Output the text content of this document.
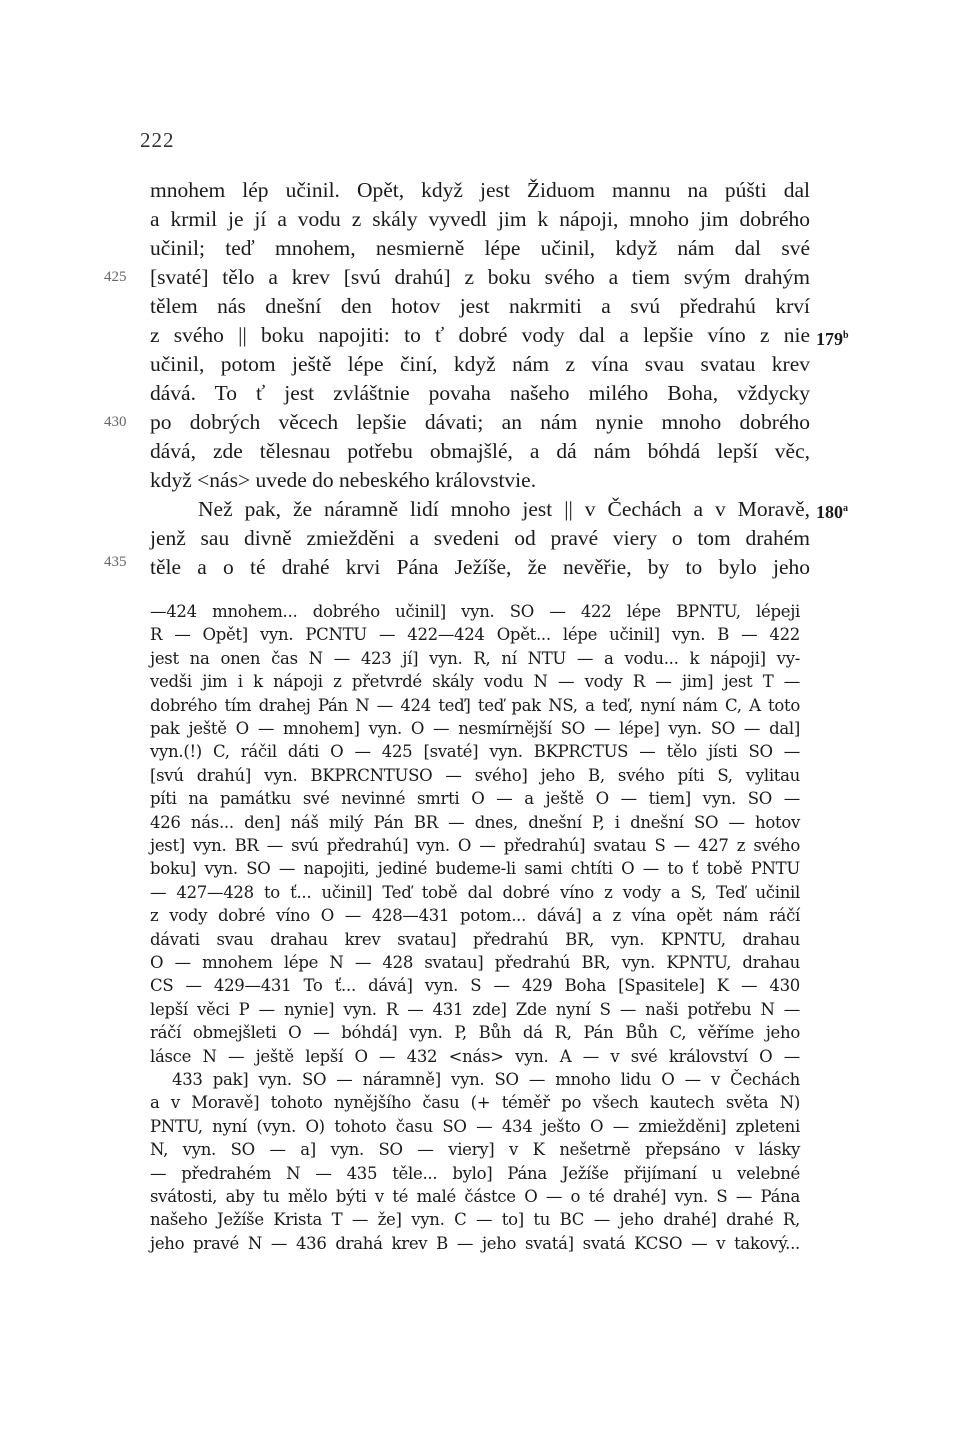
222
425
430
435
179$^b$
180$^a$
mnohem lép učinil. Opět, když jest Židuom mannu na púšti dal
a krmil je jí a vodu z skály vyvedl jim k nápoji, mnoho jim dobrého
učinil; teď mnohem, nesmierně lépe učinil, když nám dal své
[svaté] tělo a krev [svú drahú] z boku svého a tiem svým drahým
tělem nás dnešní den hotov jest nakrmiti a svú předrahú krví
z svého || boku napojiti: to ť dobré vody dal a lepšie víno z nie
učinil, potom ještě lépe činí, když nám z vína svau svatau krev
dává. To ť jest zvláštnie povaha našeho milého Boha, vždycky
po dobrých věcech lepšie dávati; an nám nynie mnoho dobrého
dává, zde tělesnau potřebu obmajšlé, a dá nám bóhdá lepší věc,
když <nás> uvede do nebeského královstvie.
Než pak, že náramně lidí mnoho jest || v Čechách a v Moravě,
jenž sau divně zmiežděni a svedeni od pravé viery o tom drahém
těle a o té drahé krvi Pána Ježíše, že nevěřie, by to bylo jeho
—424 mnohem... dobrého učinil] vyn. SO — 422 lépe BPNTU, lépeji
R — Opět] vyn. PCNTU — 422—424 Opět... lépe učinil] vyn. B — 422
jest na onen čas N — 423 jí] vyn. R, ní NTU — a vodu... k nápoji] vy-
vedši jim i k nápoji z přetvrdé skály vodu N — vody R — jim] jest T —
dobrého tím drahej Pán N — 424 teď] teď pak NS, a teď, nyní nám C, A toto
pak ještě O — mnohem] vyn. O — nesmírnější SO — lépe] vyn. SO — dal]
vyn.(!) C, ráčil dáti O — 425 [svaté] vyn. BKPRCTUS — tělo jísti SO —
[svú drahú] vyn. BKPRCNTUSO — svého] jeho B, svého píti S, vylitau
píti na památku své nevinné smrti O — a ještě O — tiem] vyn. SO —
426 nás... den] náš milý Pán BR — dnes, dnešní P, i dnešní SO — hotov
jest] vyn. BR — svú předrahú] vyn. O — předrahú] svatau S — 427 z svého
boku] vyn. SO — napojiti, jediné budeme-li sami chtíti O — to ť tobě PNTU
— 427—428 to ť... učinil] Teď tobě dal dobré víno z vody a S, Teď učinil
z vody dobré víno O — 428—431 potom... dává] a z vína opět nám ráčí
dávati svau drahau krev svatau] předrahú BR, vyn. KPNTU, drahau
O — mnohem lépe N — 428 svatau] předrahú BR, vyn. KPNTU, drahau
CS — 429—431 To ť... dává] vyn. S — 429 Boha [Spasitele] K — 430
lepší věci P — nynie] vyn. R — 431 zde] Zde nyní S — naši potřebu N —
ráčí obmejšleti O — bóhdá] vyn. P, Bůh dá R, Pán Bůh C, věříme jeho
lásce N — ještě lepší O — 432 <nás> vyn. A — v své království O —
433 pak] vyn. SO — náramně] vyn. SO — mnoho lidu O — v Čechách
a v Moravě] tohoto nynějšího času (+ téměř po všech kautech světa N)
PNTU, nyní (vyn. O) tohoto času SO — 434 ješto O — zmiežděni] zpleteni
N, vyn. SO — a] vyn. SO — viery] v K nešetrně přepsáno v lásky
— předrahém N — 435 těle... bylo] Pána Ježíše přijímaní u velebné
svátosti, aby tu mělo býti v té malé částce O — o té drahé] vyn. S — Pána
našeho Ježíše Krista T — že] vyn. C — to] tu BC — jeho drahé] drahé R,
jeho pravé N — 436 drahá krev B — jeho svatá] svatá KCSO — v takový...
